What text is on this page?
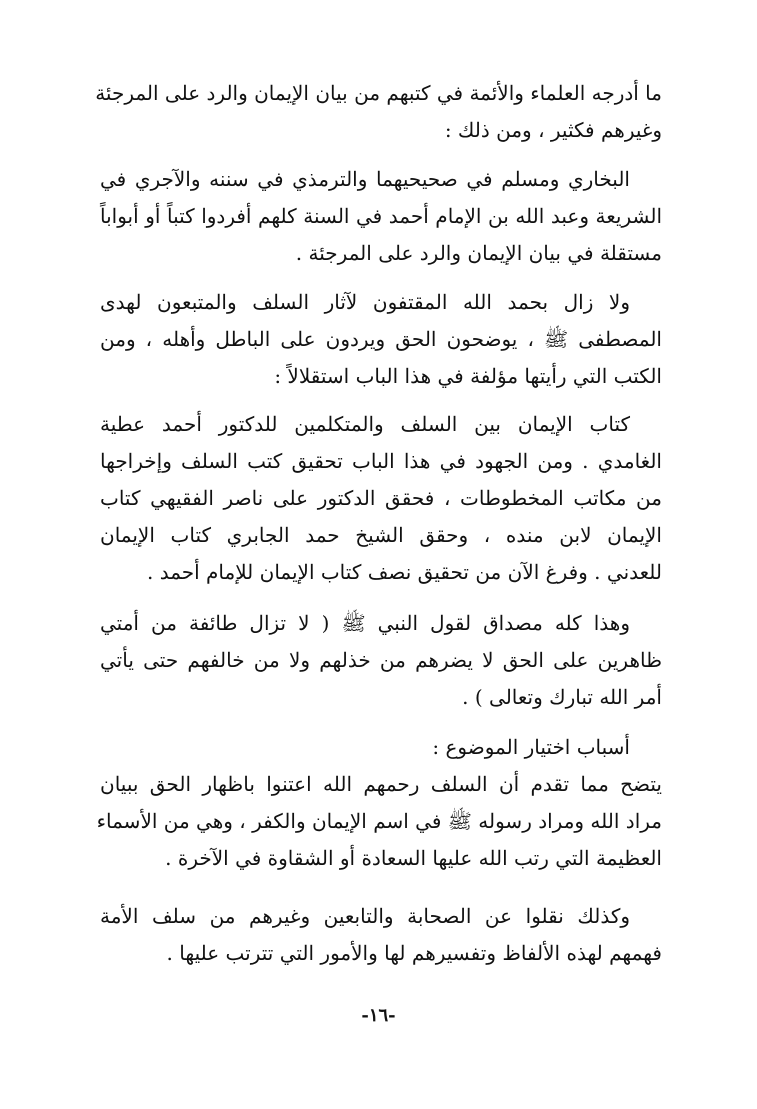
ما أدرجه العلماء والأئمة في كتبهم من بيان الإيمان والرد على المرجئة
وغيرهم فكثير ، ومن ذلك :
البخاري ومسلم في صحيحيهما والترمذي في سننه والآجري في
الشريعة وعبد الله بن الإمام أحمد في السنة كلهم أفردوا كتباً أو أبواباً
مستقلة في بيان الإيمان والرد على المرجئة .
ولا زال بحمد الله المقتفون لآثار السلف والمتبعون لهدى
المصطفى ﷺ ، يوضحون الحق ويردون على الباطل وأهله ، ومن
الكتب التي رأيتها مؤلفة في هذا الباب استقلالاً :
كتاب الإيمان بين السلف والمتكلمين للدكتور أحمد عطية
الغامدي . ومن الجهود في هذا الباب تحقيق كتب السلف وإخراجها
من مكاتب المخطوطات ، فحقق الدكتور على ناصر الفقيهي كتاب
الإيمان لابن منده ، وحقق الشيخ حمد الجابري كتاب الإيمان
للعدني . وفرغ الآن من تحقيق نصف كتاب الإيمان للإمام أحمد .
وهذا كله مصداق لقول النبي ﷺ ( لا تزال طائفة من أمتي
ظاهرين على الحق لا يضرهم من خذلهم ولا من خالفهم حتى يأتي
أمر الله تبارك وتعالى ) .
أسباب اختيار الموضوع :
يتضح مما تقدم أن السلف رحمهم الله اعتنوا باظهار الحق ببيان
مراد الله ومراد رسوله ﷺ في اسم الإيمان والكفر ، وهي من الأسماء
العظيمة التي رتب الله عليها السعادة أو الشقاوة في الآخرة .
وكذلك نقلوا عن الصحابة والتابعين وغيرهم من سلف الأمة
فهمهم لهذه الألفاظ وتفسيرهم لها والأمور التي تترتب عليها .
-١٦-
